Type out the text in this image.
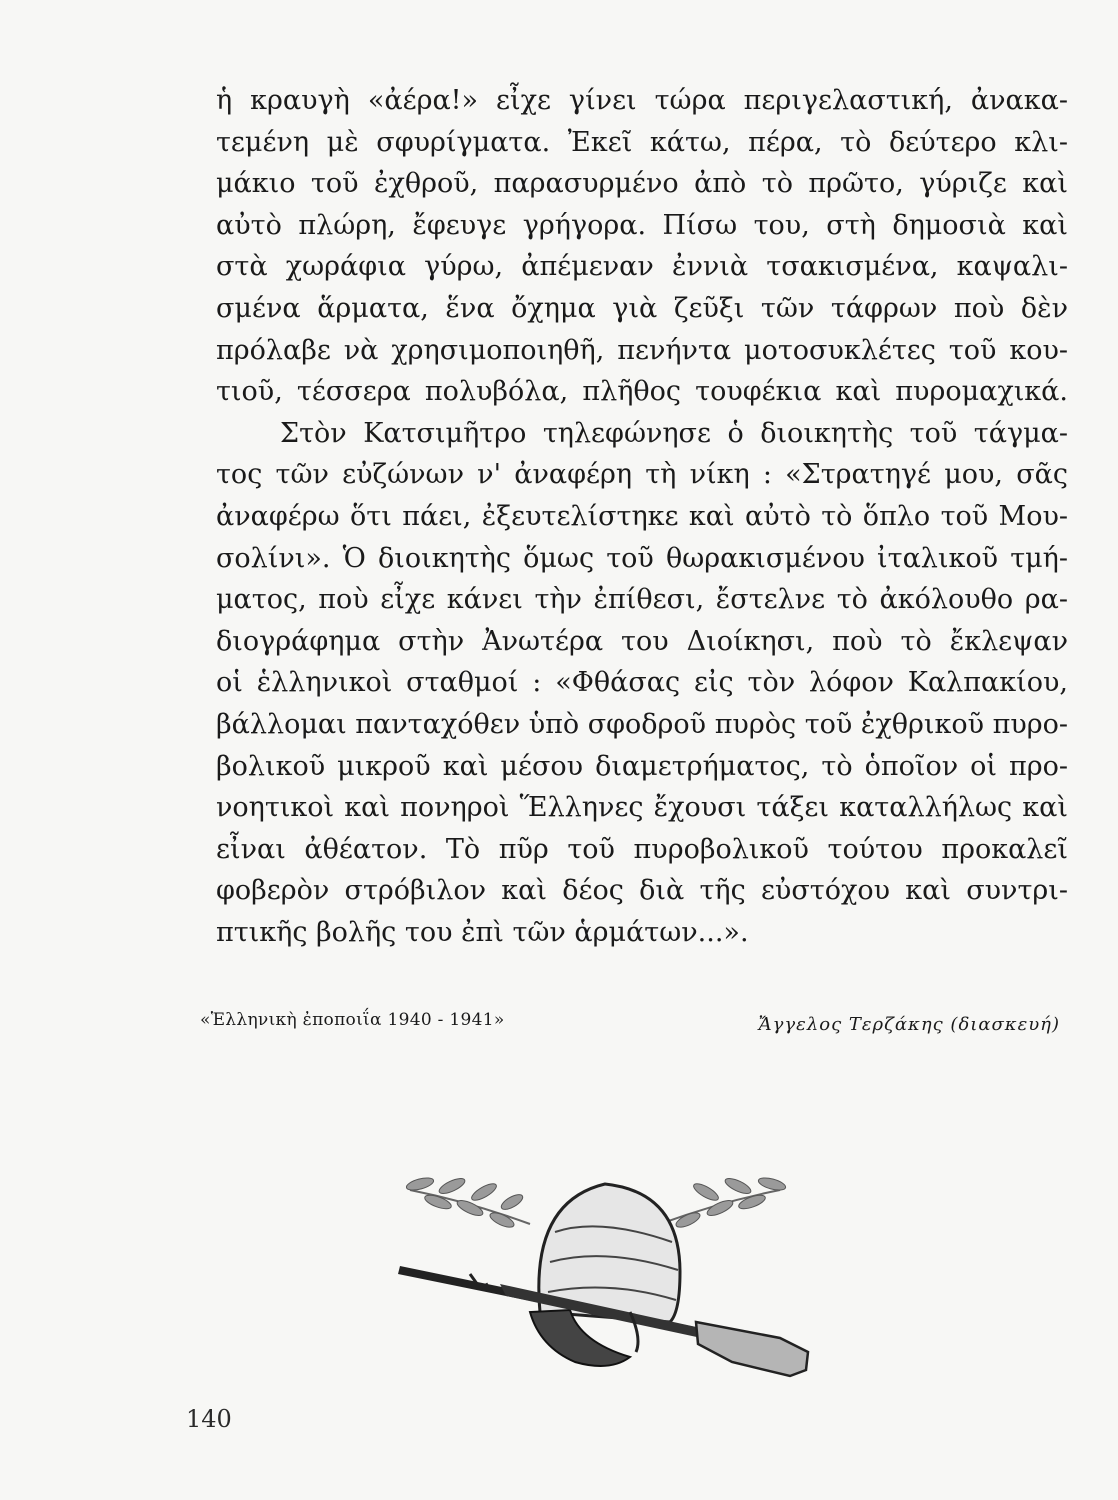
ἡ κραυγὴ «ἀέρα!» εἶχε γίνει τώρα περιγελαστική, ἀνακα-
τεμένη μὲ σφυρίγματα. Ἐκεῖ κάτω, πέρα, τὸ δεύτερο κλι-
μάκιο τοῦ ἐχθροῦ, παρασυρμένο ἀπὸ τὸ πρῶτο, γύριζε καὶ
αὐτὸ πλώρη, ἔφευγε γρήγορα. Πίσω του, στὴ δημοσιὰ καὶ
στὰ χωράφια γύρω, ἀπέμεναν ἐννιὰ τσακισμένα, καψαλι-
σμένα ἅρματα, ἕνα ὄχημα γιὰ ζεῦξι τῶν τάφρων ποὺ δὲν
πρόλαβε νὰ χρησιμοποιηθῆ, πενήντα μοτοσυκλέτες τοῦ κου-
τιοῦ, τέσσερα πολυβόλα, πλῆθος τουφέκια καὶ πυρομαχικά.
Στὸν Κατσιμῆτρο τηλεφώνησε ὁ διοικητὴς τοῦ τάγμα-
τος τῶν εὐζώνων ν' ἀναφέρη τὴ νίκη : «Στρατηγέ μου, σᾶς
ἀναφέρω ὅτι πάει, ἐξευτελίστηκε καὶ αὐτὸ τὸ ὅπλο τοῦ Μου-
σολίνι». Ὁ διοικητὴς ὅμως τοῦ θωρακισμένου ἰταλικοῦ τμή-
ματος, ποὺ εἶχε κάνει τὴν ἐπίθεσι, ἔστελνε τὸ ἀκόλουθο ρα-
διογράφημα στὴν Ἀνωτέρα του Διοίκησι, ποὺ τὸ ἔκλεψαν
οἱ ἑλληνικοὶ σταθμοί : «Φθάσας εἰς τὸν λόφον Καλπακίου,
βάλλομαι πανταχόθεν ὑπὸ σφοδροῦ πυρὸς τοῦ ἐχθρικοῦ πυρο-
βολικοῦ μικροῦ καὶ μέσου διαμετρήματος, τὸ ὁποῖον οἱ προ-
νοητικοὶ καὶ πονηροὶ Ἕλληνες ἔχουσι τάξει καταλλήλως καὶ
εἶναι ἀθέατον. Τὸ πῦρ τοῦ πυροβολικοῦ τούτου προκαλεῖ
φοβερὸν στρόβιλον καὶ δέος διὰ τῆς εὐστόχου καὶ συντρι-
πτικῆς βολῆς του ἐπὶ τῶν ἁρμάτων...».
«Ἑλληνικὴ ἐποποιΐα 1940 - 1941»	Ἄγγελος Τερζάκης (διασκευή)
140
